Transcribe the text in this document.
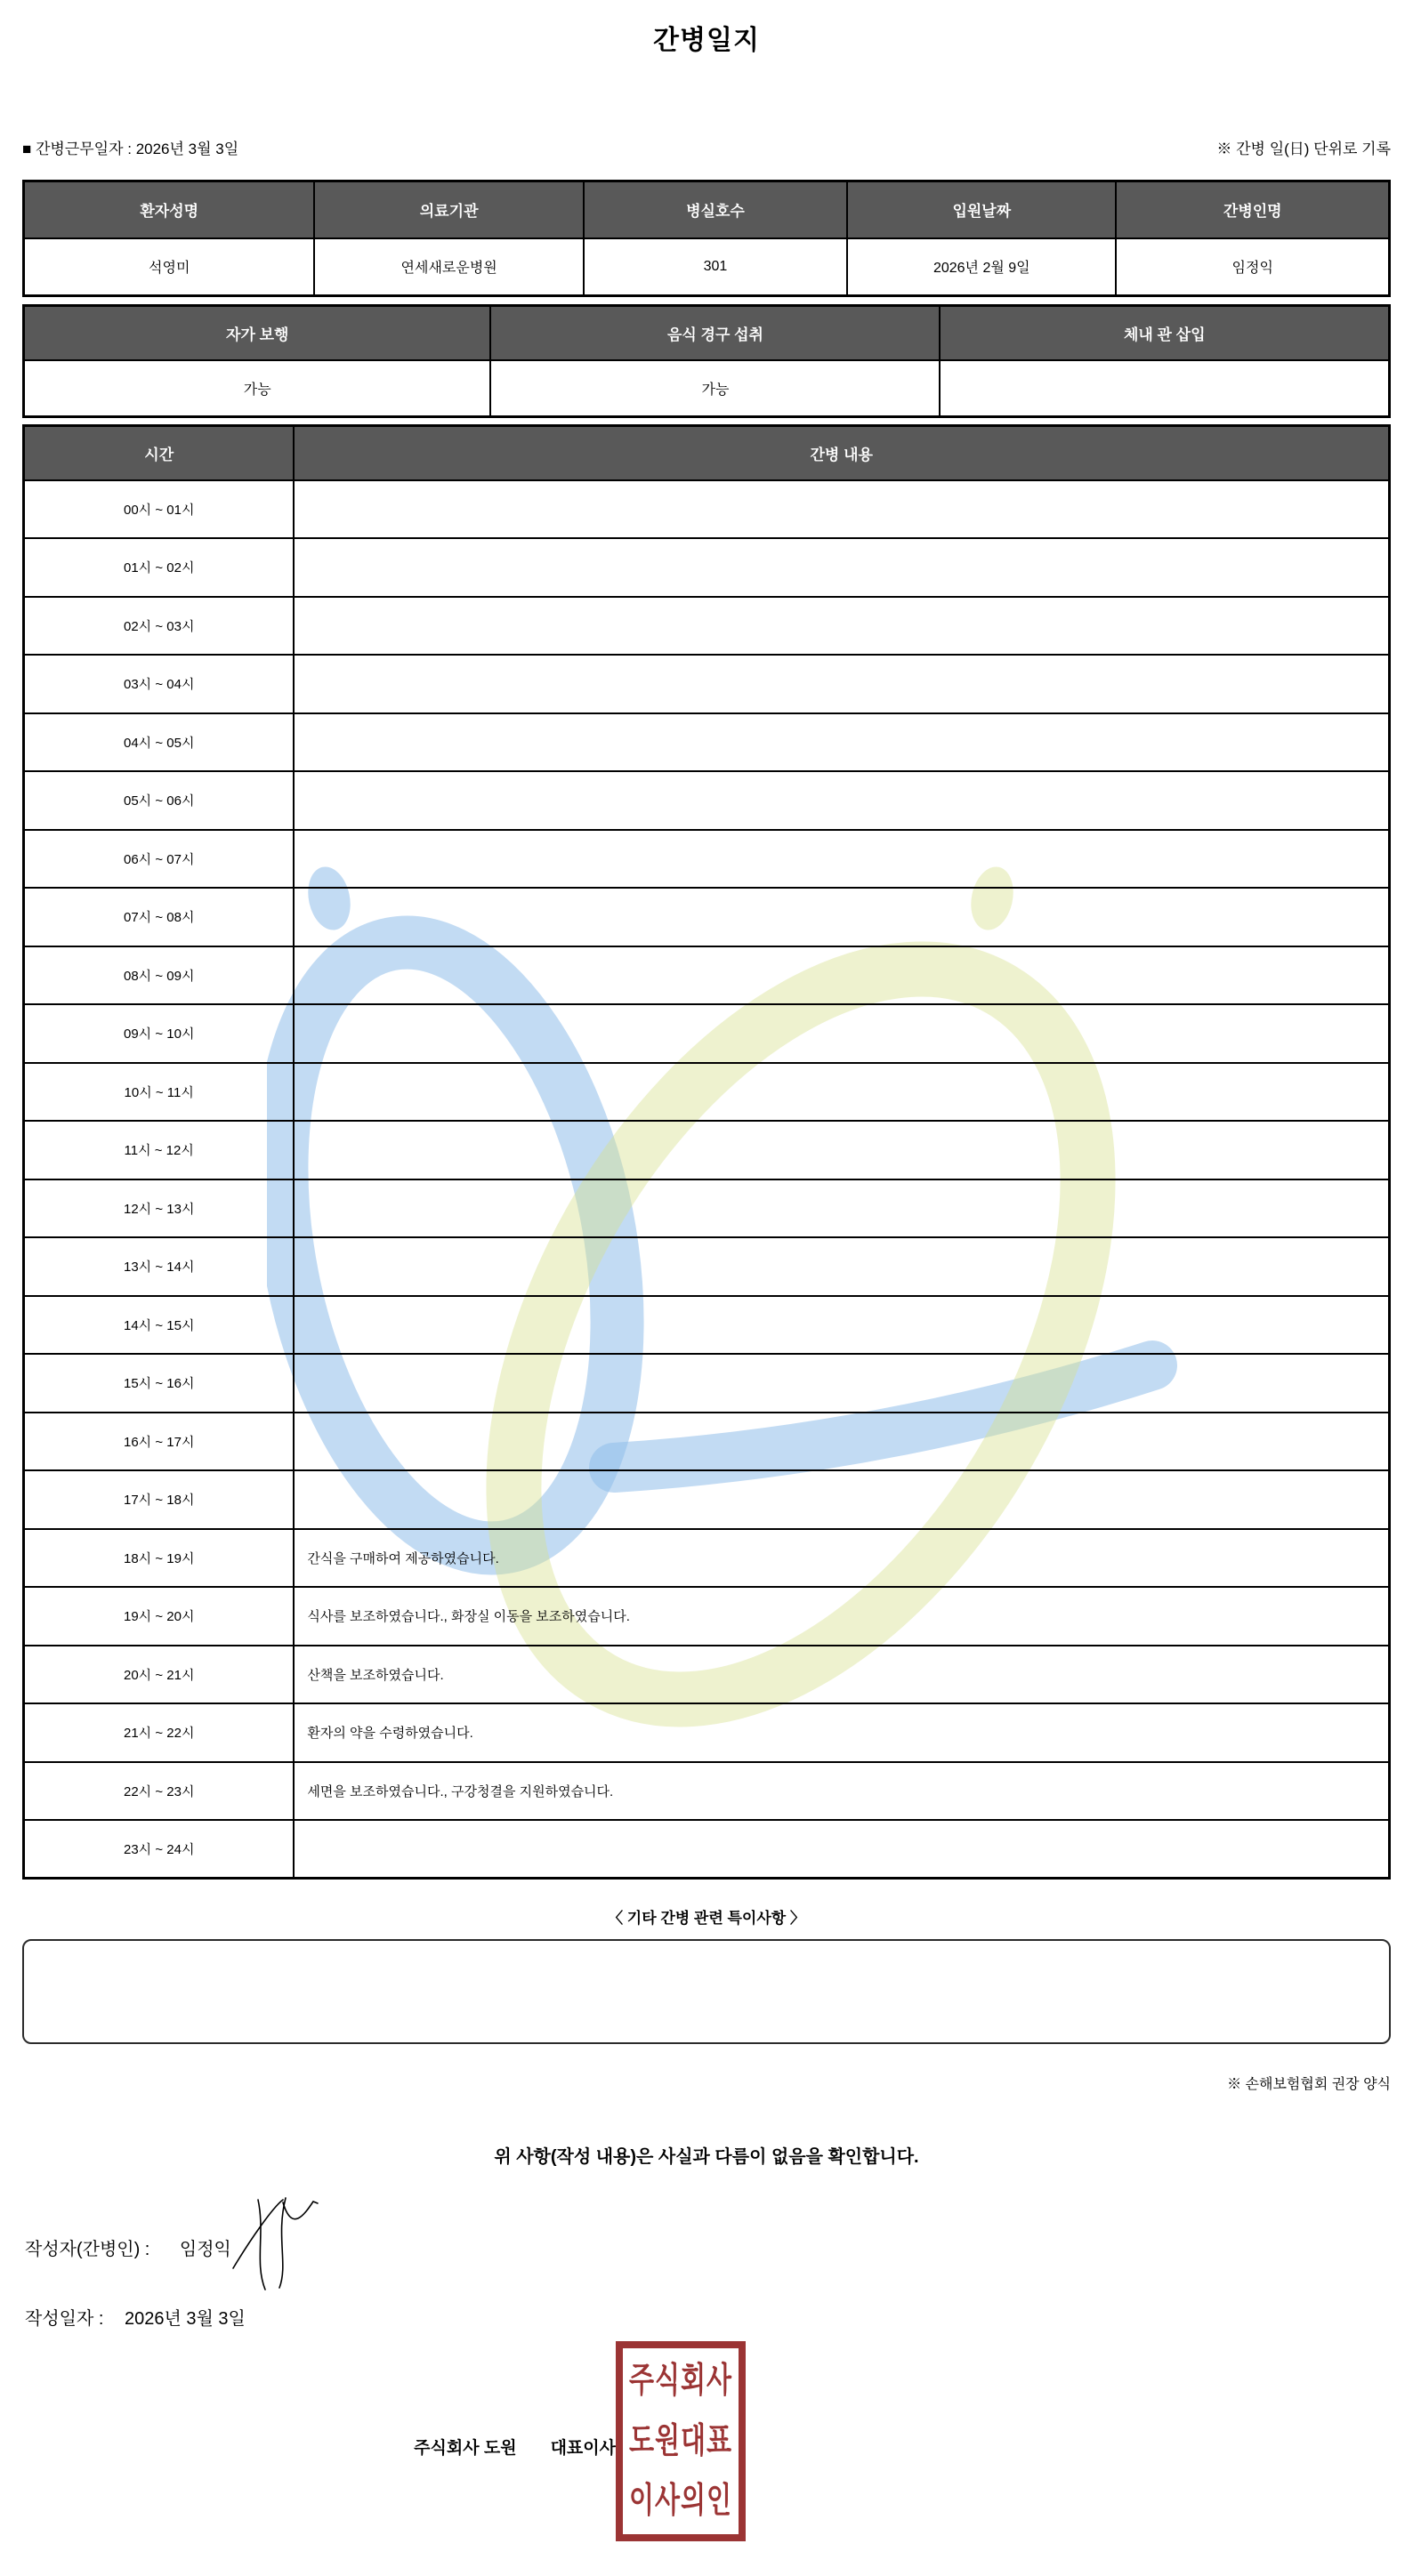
간병일지
■ 간병근무일자 : 2026년 3월 3일	※ 간병 일(日) 단위로 기록
환자성명	의료기관	병실호수	입원날짜	간병인명
석영미	연세새로운병원	301	2026년 2월 9일	임정익
자가 보행	음식 경구 섭취	체내 관 삽입
가능	가능	
시간	간병 내용
00시 ~ 01시	
01시 ~ 02시	
02시 ~ 03시	
03시 ~ 04시	
04시 ~ 05시	
05시 ~ 06시	
06시 ~ 07시	
07시 ~ 08시	
08시 ~ 09시	
09시 ~ 10시	
10시 ~ 11시	
11시 ~ 12시	
12시 ~ 13시	
13시 ~ 14시	
14시 ~ 15시	
15시 ~ 16시	
16시 ~ 17시	
17시 ~ 18시	
18시 ~ 19시	간식을 구매하여 제공하였습니다.
19시 ~ 20시	식사를 보조하였습니다., 화장실 이동을 보조하였습니다.
20시 ~ 21시	산책을 보조하였습니다.
21시 ~ 22시	환자의 약을 수령하였습니다.
22시 ~ 23시	세면을 보조하였습니다., 구강청결을 지원하였습니다.
23시 ~ 24시	
〈 기타 간병 관련 특이사항 〉
※ 손해보험협회 권장 양식
위 사항(작성 내용)은 사실과 다름이 없음을 확인합니다.
작성자(간병인) : 임정익
작성일자 : 2026년 3월 3일
주식회사 도원 대표이사
주식회사
도원대표
이사의인
